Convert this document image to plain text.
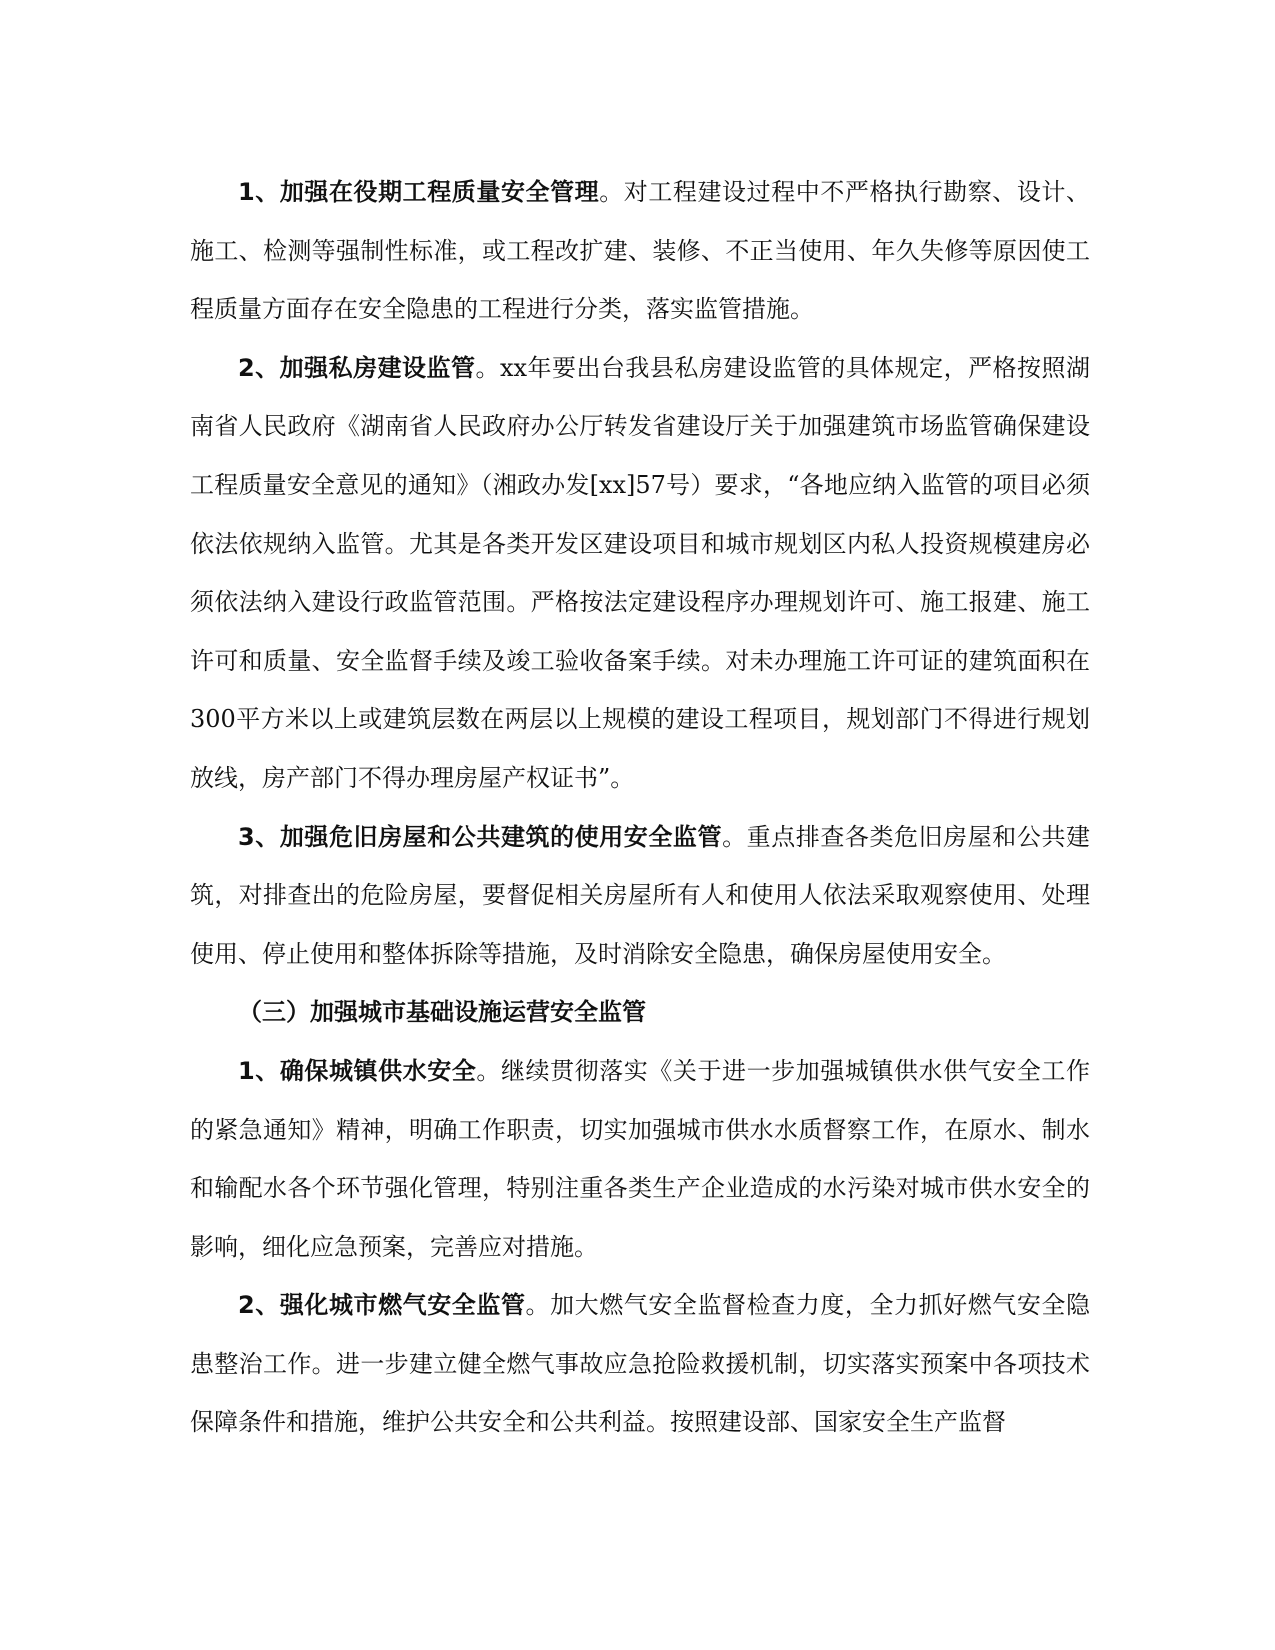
1、加强在役期工程质量安全管理。对工程建设过程中不严格执行勘察、设计、施工、检测等强制性标准，或工程改扩建、装修、不正当使用、年久失修等原因使工程质量方面存在安全隐患的工程进行分类，落实监管措施。

2、加强私房建设监管。xx年要出台我县私房建设监管的具体规定，严格按照湖南省人民政府《湖南省人民政府办公厅转发省建设厅关于加强建筑市场监管确保建设工程质量安全意见的通知》（湘政办发[xx]57号）要求，“各地应纳入监管的项目必须依法依规纳入监管。尤其是各类开发区建设项目和城市规划区内私人投资规模建房必须依法纳入建设行政监管范围。严格按法定建设程序办理规划许可、施工报建、施工许可和质量、安全监督手续及竣工验收备案手续。对未办理施工许可证的建筑面积在300平方米以上或建筑层数在两层以上规模的建设工程项目，规划部门不得进行规划放线，房产部门不得办理房屋产权证书”。

3、加强危旧房屋和公共建筑的使用安全监管。重点排查各类危旧房屋和公共建筑，对排查出的危险房屋，要督促相关房屋所有人和使用人依法采取观察使用、处理使用、停止使用和整体拆除等措施，及时消除安全隐患，确保房屋使用安全。

（三）加强城市基础设施运营安全监管

1、确保城镇供水安全。继续贯彻落实《关于进一步加强城镇供水供气安全工作的紧急通知》精神，明确工作职责，切实加强城市供水水质督察工作，在原水、制水和输配水各个环节强化管理，特别注重各类生产企业造成的水污染对城市供水安全的影响，细化应急预案，完善应对措施。

2、强化城市燃气安全监管。加大燃气安全监督检查力度，全力抓好燃气安全隐患整治工作。进一步建立健全燃气事故应急抢险救援机制，切实落实预案中各项技术保障条件和措施，维护公共安全和公共利益。按照建设部、国家安全生产监督
